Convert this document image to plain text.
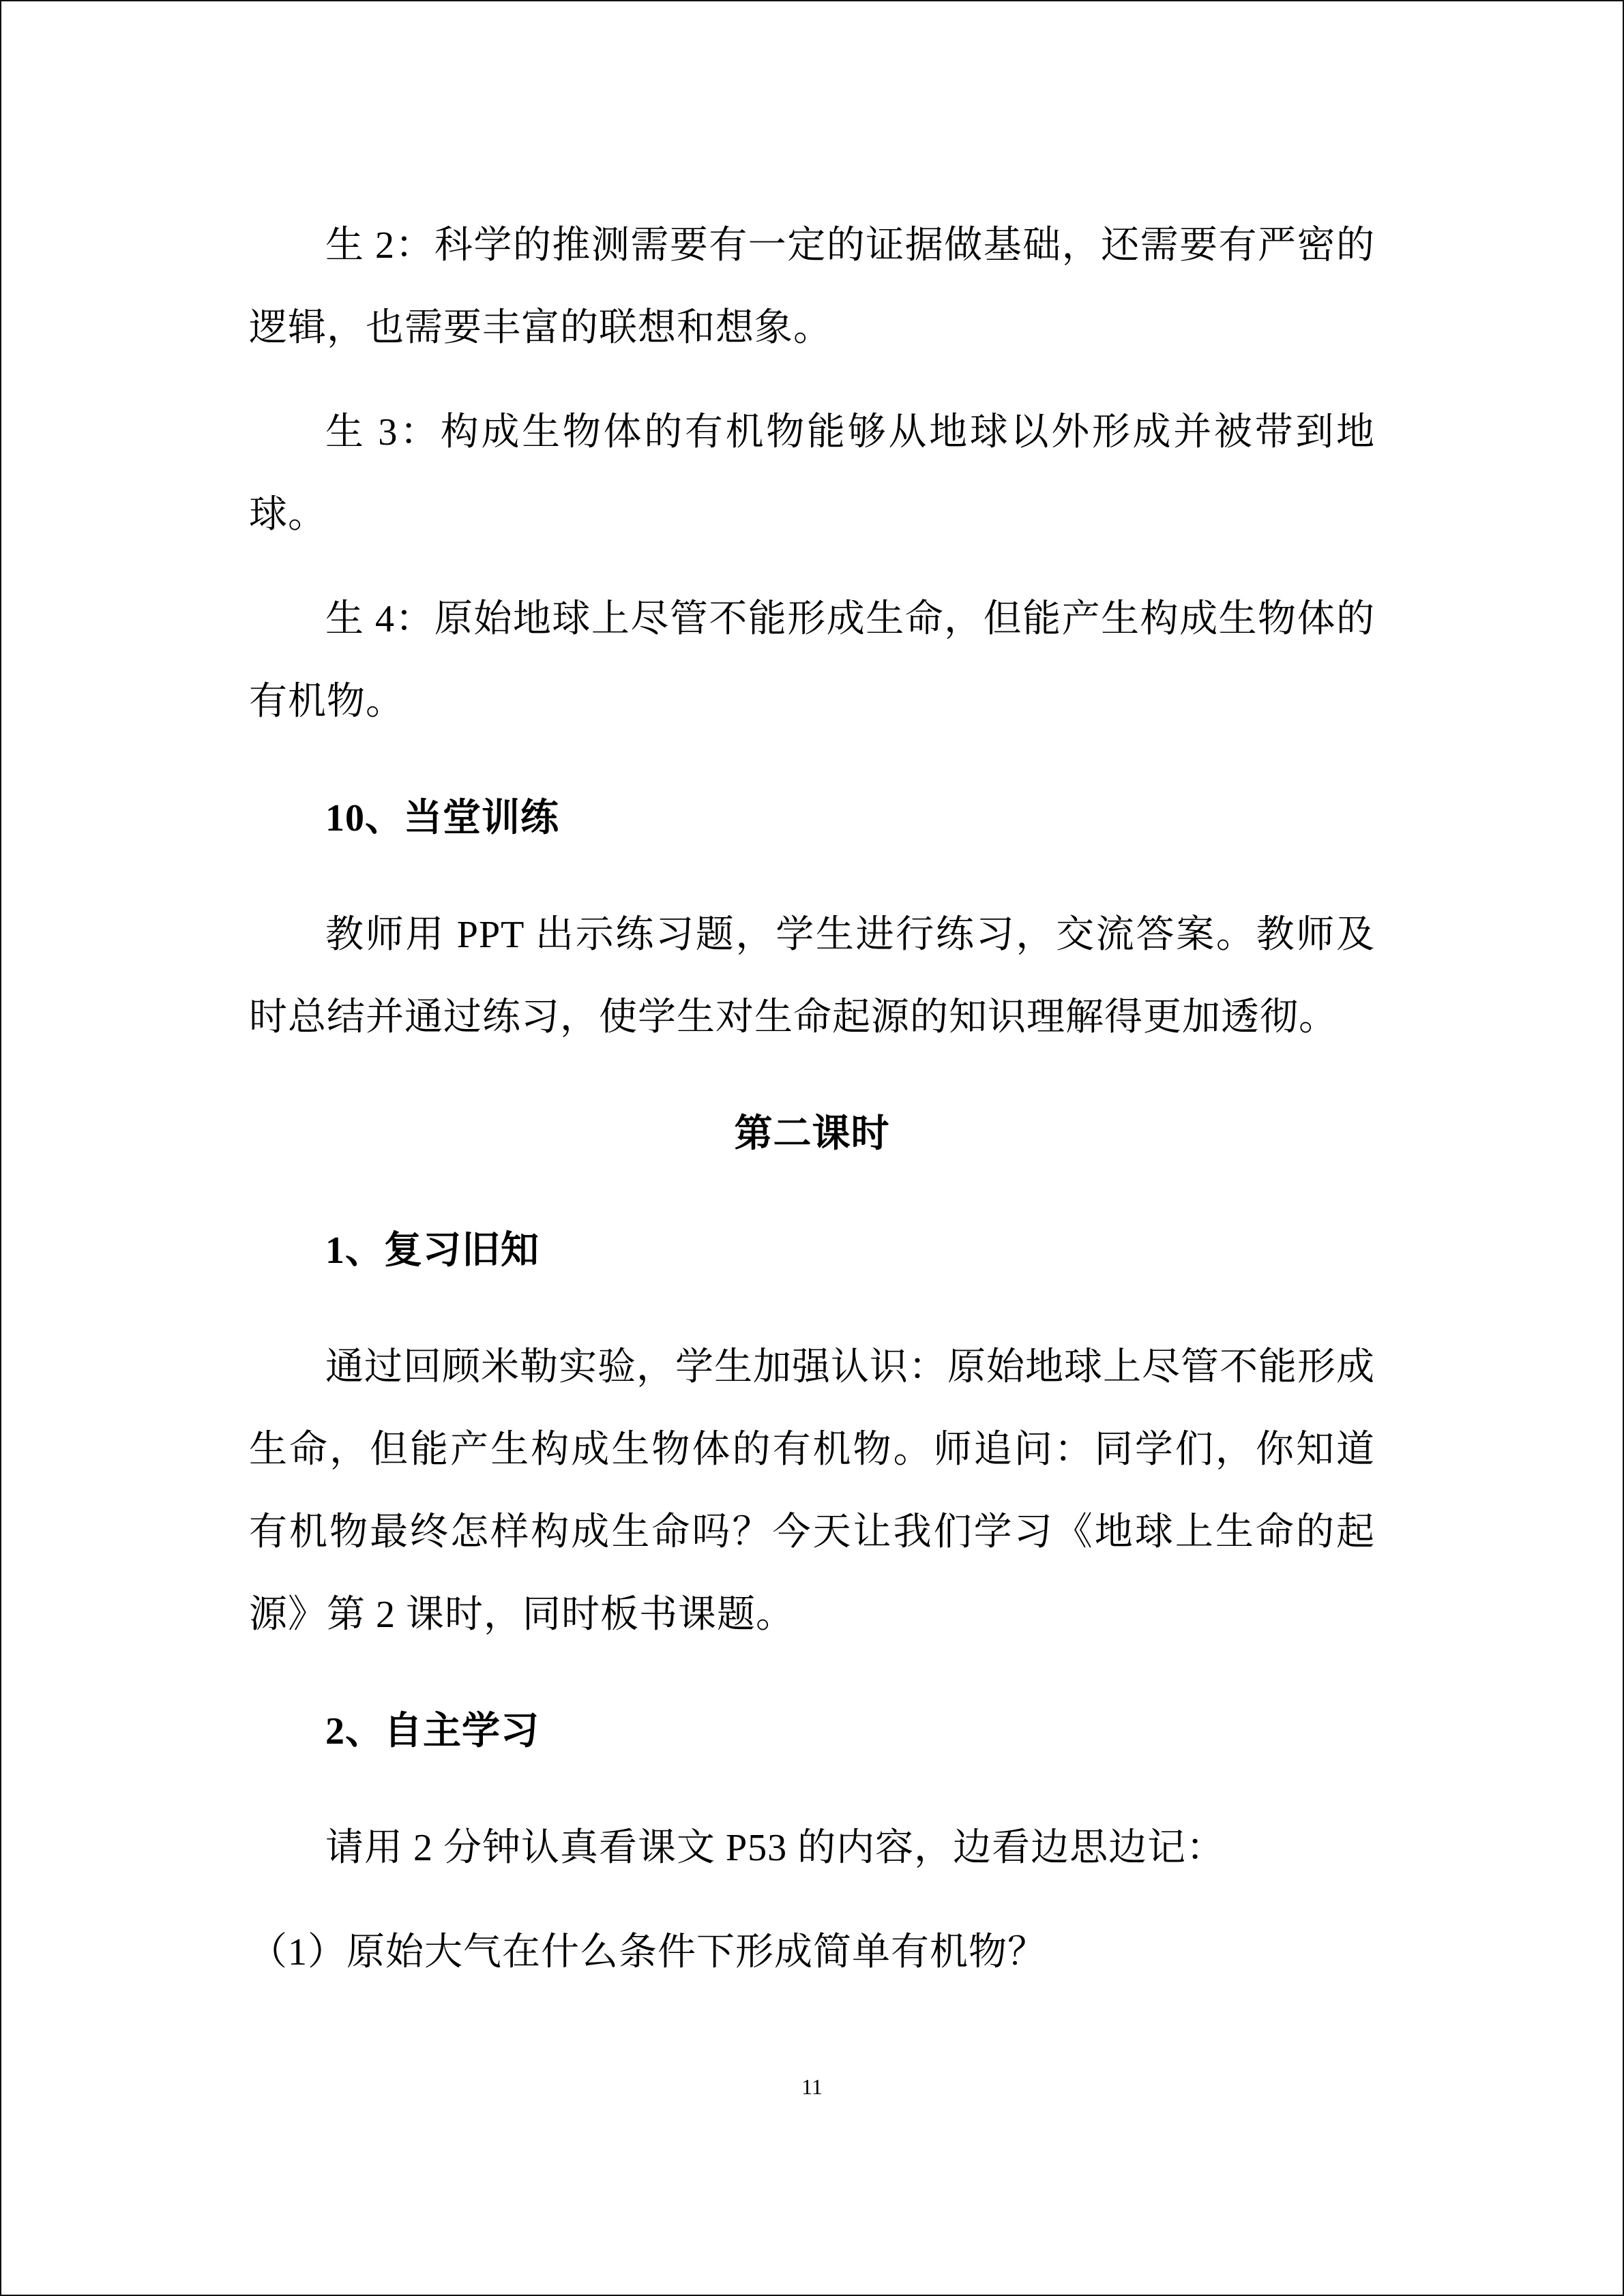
生 2：科学的推测需要有一定的证据做基础，还需要有严密的逻辑，也需要丰富的联想和想象。
生 3：构成生物体的有机物能够从地球以外形成并被带到地球。
生 4：原始地球上尽管不能形成生命，但能产生构成生物体的有机物。
10、当堂训练
教师用 PPT 出示练习题，学生进行练习，交流答案。教师及时总结并通过练习，使学生对生命起源的知识理解得更加透彻。
第二课时
1、复习旧知
通过回顾米勒实验，学生加强认识：原始地球上尽管不能形成生命，但能产生构成生物体的有机物。师追问：同学们，你知道有机物最终怎样构成生命吗？今天让我们学习《地球上生命的起源》第 2 课时，同时板书课题。
2、自主学习
请用 2 分钟认真看课文 P53 的内容，边看边思边记：
（1）原始大气在什么条件下形成简单有机物？
11
